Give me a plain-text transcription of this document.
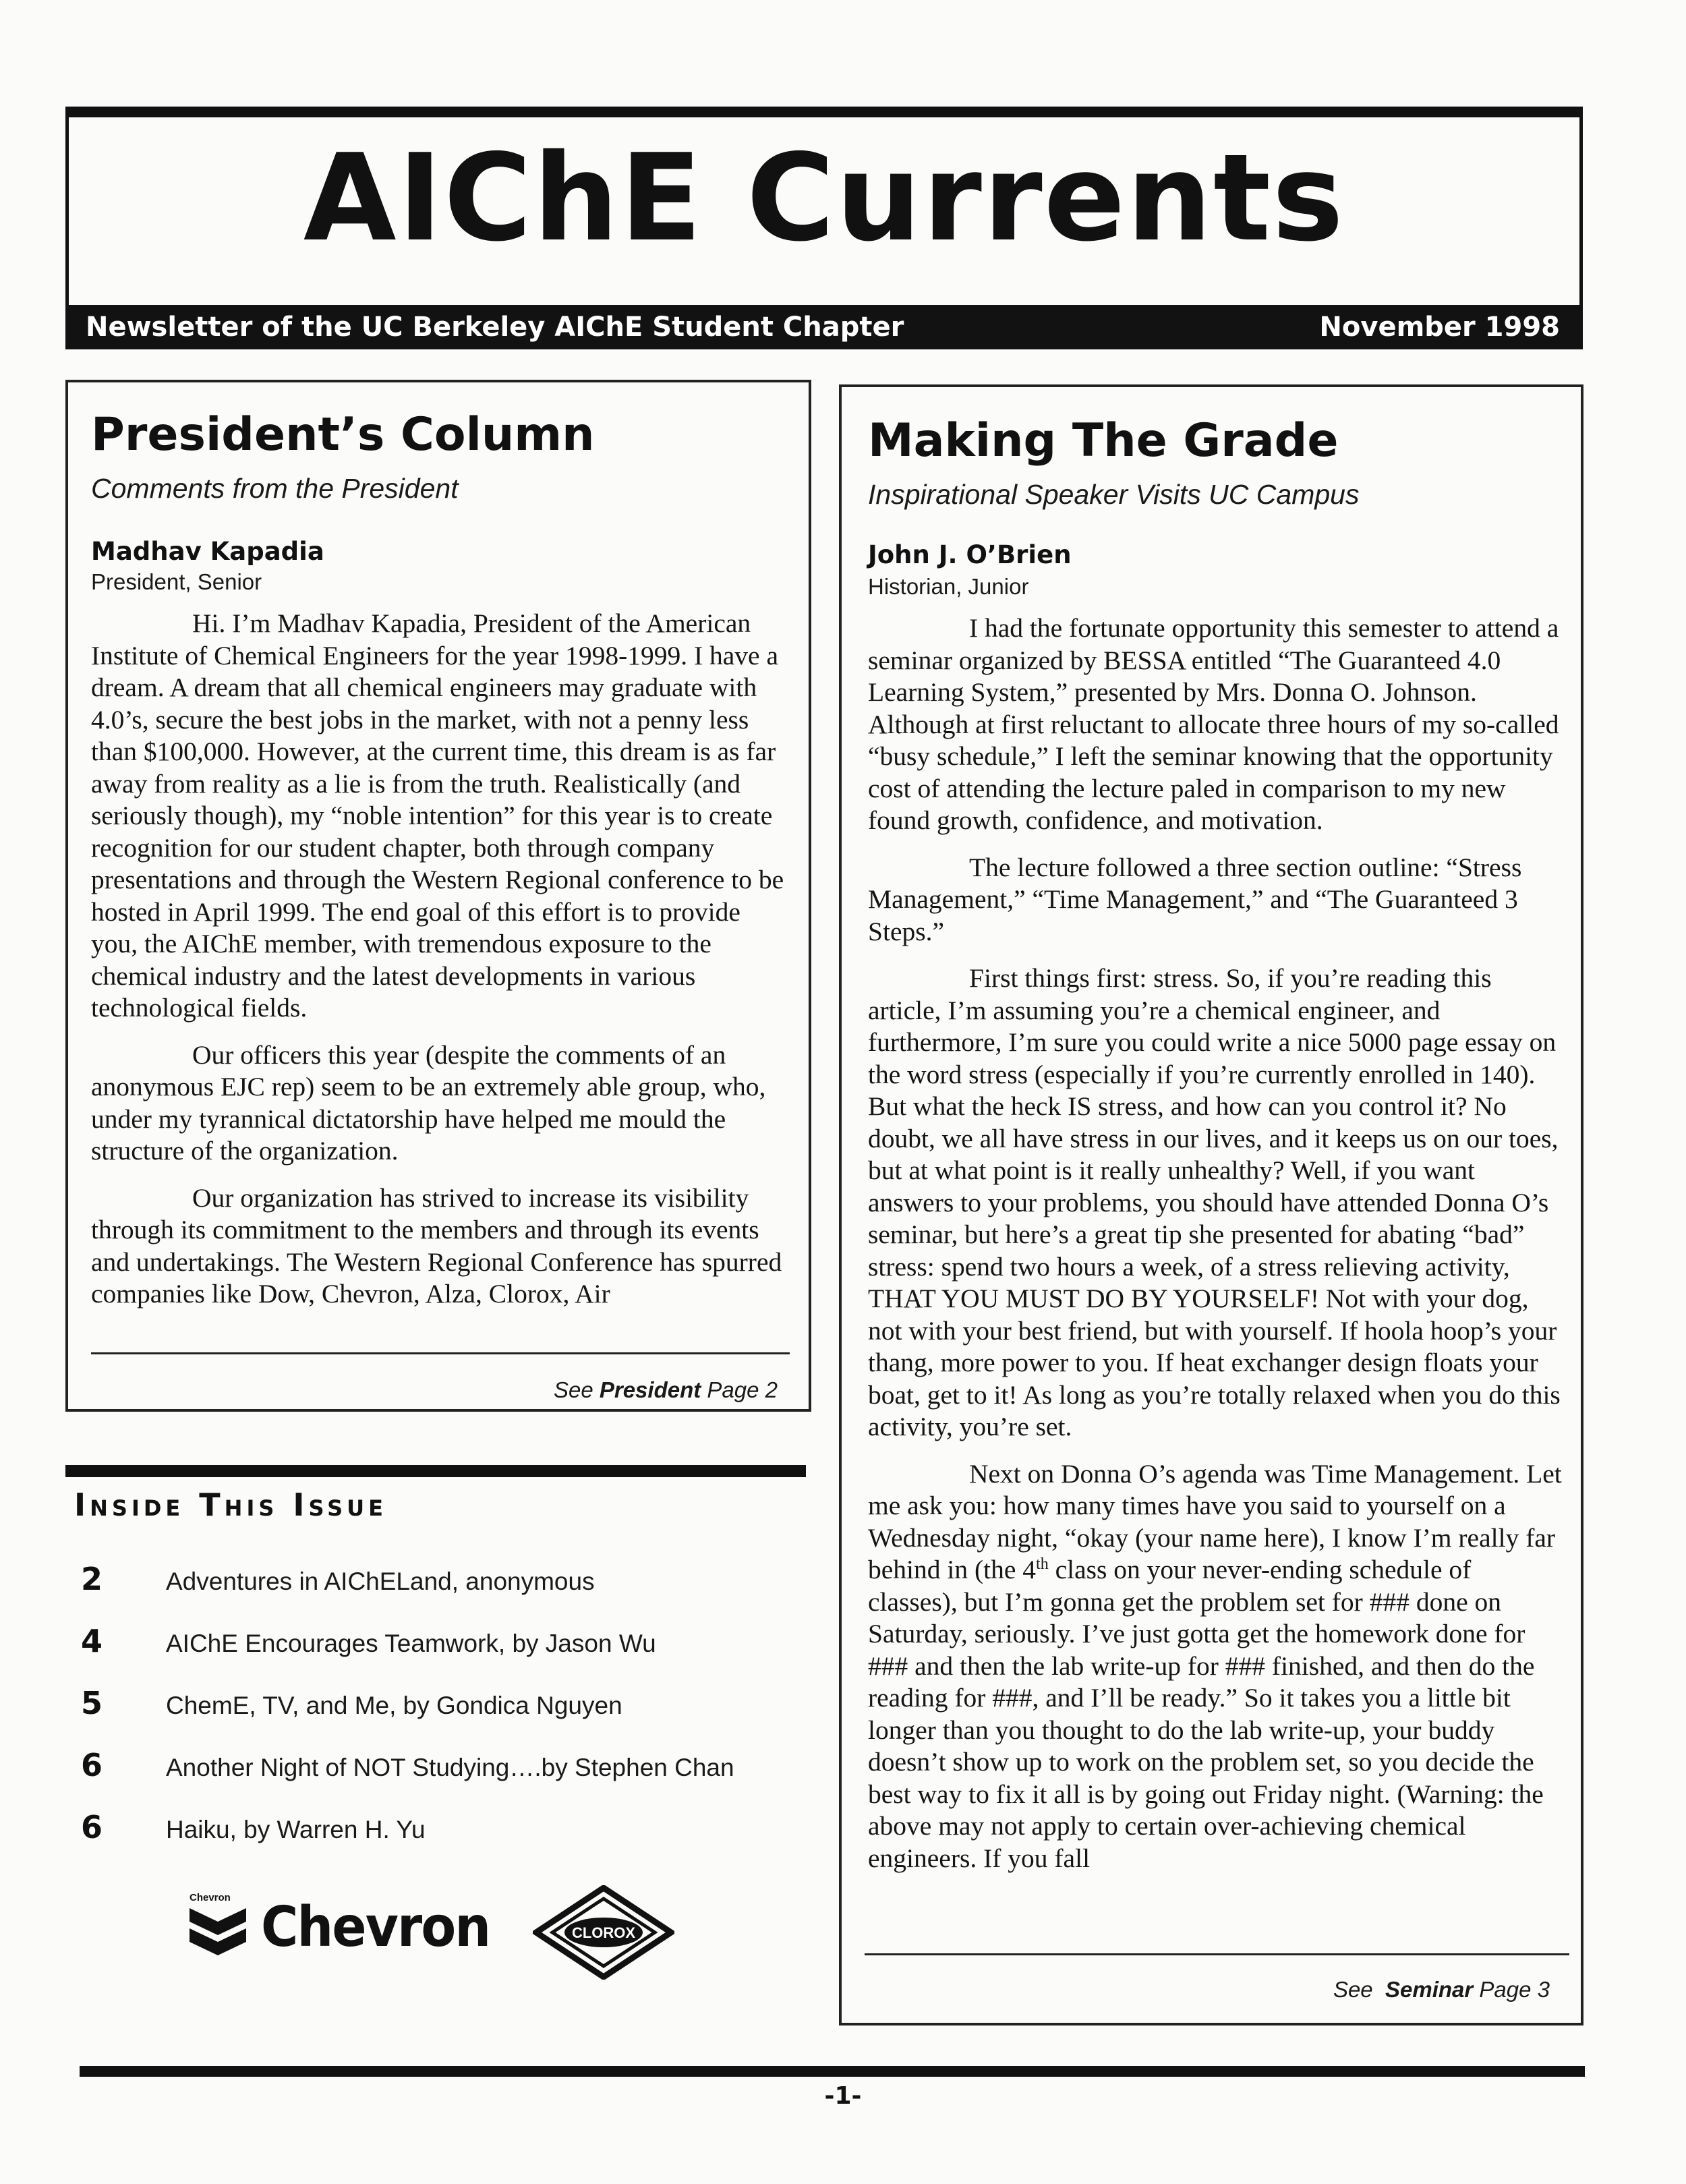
AIChE Currents
Newsletter of the UC Berkeley AIChE Student Chapter	November 1998
President’s Column
Comments from the President
Madhav Kapadia
President, Senior

Hi. I’m Madhav Kapadia, President of the American Institute of Chemical Engineers for the year 1998-1999. I have a dream. A dream that all chemical engineers may graduate with 4.0’s, secure the best jobs in the market, with not a penny less than $100,000. However, at the current time, this dream is as far away from reality as a lie is from the truth. Realistically (and seriously though), my “noble intention” for this year is to create recognition for our student chapter, both through company presentations and through the Western Regional conference to be hosted in April 1999. The end goal of this effort is to provide you, the AIChE member, with tremendous exposure to the chemical industry and the latest developments in various technological fields.

Our officers this year (despite the comments of an anonymous EJC rep) seem to be an extremely able group, who, under my tyrannical dictatorship have helped me mould the structure of the organization.

Our organization has strived to increase its visibility through its commitment to the members and through its events and undertakings. The Western Regional Conference has spurred companies like Dow, Chevron, Alza, Clorox, Air

See President Page 2
Inside This Issue
2	Adventures in AIChELand, anonymous
4	AIChE Encourages Teamwork, by Jason Wu
5	ChemE, TV, and Me, by Gondica Nguyen
6	Another Night of NOT Studying….by Stephen Chan
6	Haiku, by Warren H. Yu
Chevron Chevron	CLOROX
Making The Grade
Inspirational Speaker Visits UC Campus
John J. O’Brien
Historian, Junior

I had the fortunate opportunity this semester to attend a seminar organized by BESSA entitled “The Guaranteed 4.0 Learning System,” presented by Mrs. Donna O. Johnson. Although at first reluctant to allocate three hours of my so-called “busy schedule,” I left the seminar knowing that the opportunity cost of attending the lecture paled in comparison to my new found growth, confidence, and motivation.

The lecture followed a three section outline: “Stress Management,” “Time Management,” and “The Guaranteed 3 Steps.”

First things first: stress. So, if you’re reading this article, I’m assuming you’re a chemical engineer, and furthermore, I’m sure you could write a nice 5000 page essay on the word stress (especially if you’re currently enrolled in 140). But what the heck IS stress, and how can you control it? No doubt, we all have stress in our lives, and it keeps us on our toes, but at what point is it really unhealthy? Well, if you want answers to your problems, you should have attended Donna O’s seminar, but here’s a great tip she presented for abating “bad” stress: spend two hours a week, of a stress relieving activity, THAT YOU MUST DO BY YOURSELF! Not with your dog, not with your best friend, but with yourself. If hoola hoop’s your thang, more power to you. If heat exchanger design floats your boat, get to it! As long as you’re totally relaxed when you do this activity, you’re set.

Next on Donna O’s agenda was Time Management. Let me ask you: how many times have you said to yourself on a Wednesday night, “okay (your name here), I know I’m really far behind in (the 4th class on your never-ending schedule of classes), but I’m gonna get the problem set for ### done on Saturday, seriously. I’ve just gotta get the homework done for ### and then the lab write-up for ### finished, and then do the reading for ###, and I’ll be ready.” So it takes you a little bit longer than you thought to do the lab write-up, your buddy doesn’t show up to work on the problem set, so you decide the best way to fix it all is by going out Friday night. (Warning: the above may not apply to certain over-achieving chemical engineers. If you fall

See  Seminar Page 3
-1-
